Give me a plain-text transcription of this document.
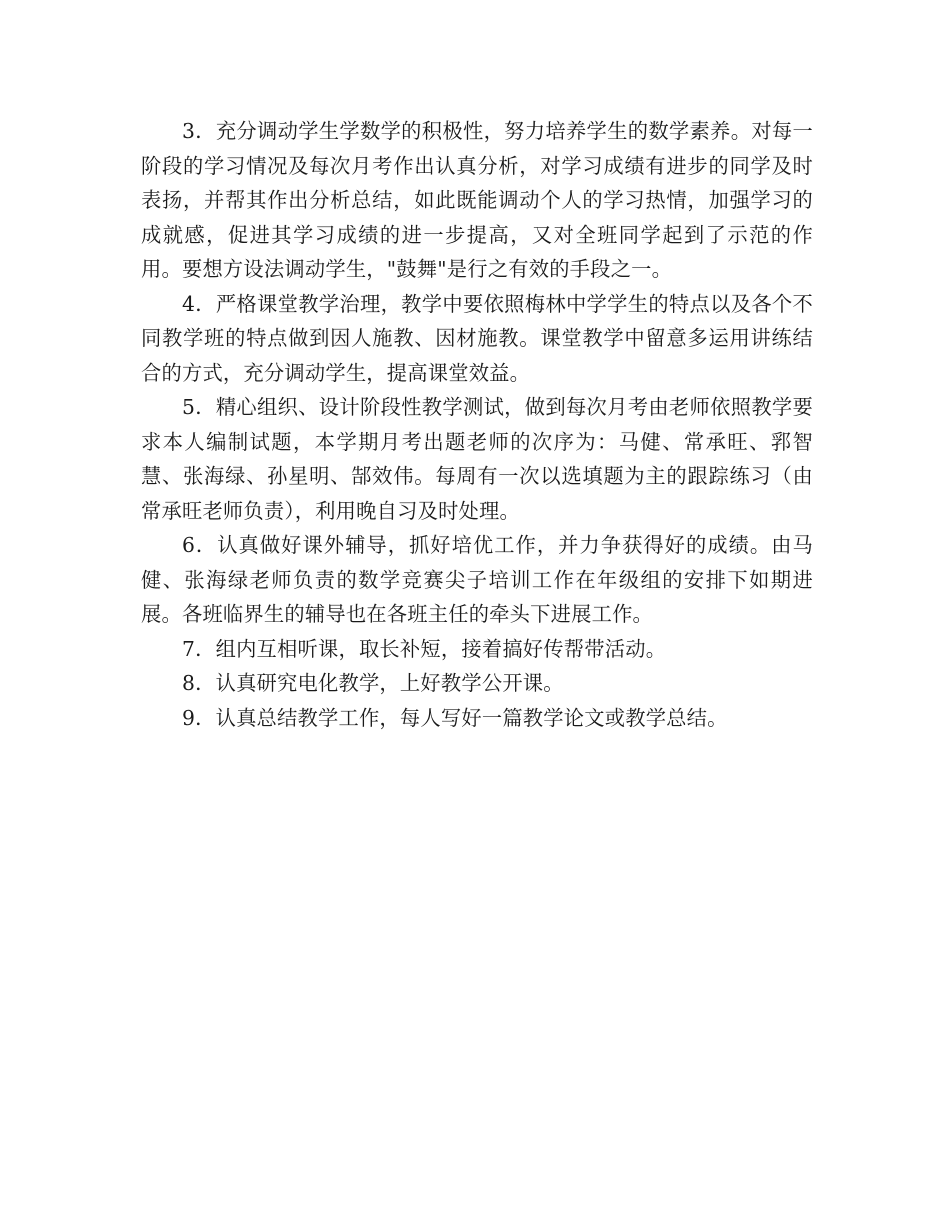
3．充分调动学生学数学的积极性，努力培养学生的数学素养。对每一阶段的学习情况及每次月考作出认真分析，对学习成绩有进步的同学及时表扬，并帮其作出分析总结，如此既能调动个人的学习热情，加强学习的成就感，促进其学习成绩的进一步提高，又对全班同学起到了示范的作用。要想方设法调动学生，"鼓舞"是行之有效的手段之一。

4．严格课堂教学治理，教学中要依照梅林中学学生的特点以及各个不同教学班的特点做到因人施教、因材施教。课堂教学中留意多运用讲练结合的方式，充分调动学生，提高课堂效益。

5．精心组织、设计阶段性教学测试，做到每次月考由老师依照教学要求本人编制试题，本学期月考出题老师的次序为：马健、常承旺、郛智慧、张海绿、孙星明、郜效伟。每周有一次以选填题为主的跟踪练习（由常承旺老师负责），利用晚自习及时处理。

6．认真做好课外辅导，抓好培优工作，并力争获得好的成绩。由马健、张海绿老师负责的数学竞赛尖子培训工作在年级组的安排下如期进展。各班临界生的辅导也在各班主任的牵头下进展工作。

7．组内互相听课，取长补短，接着搞好传帮带活动。

8．认真研究电化教学，上好教学公开课。

9．认真总结教学工作，每人写好一篇教学论文或教学总结。
